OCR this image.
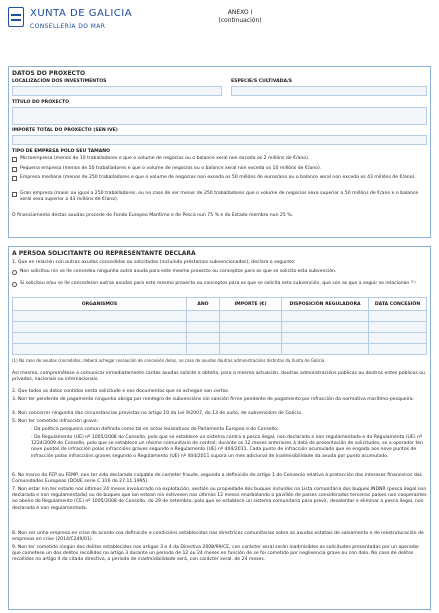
XUNTA DE GALICIA
CONSELLERÍA DO MAR
ANEXO I
(continuación)
DATOS DO PROXECTO
LOCALIZACIÓN DOS INVESTIMENTOS	ESPECIE/S CULTIVADA/S
TÍTULO DO PROXECTO
IMPORTE TOTAL DO PROXECTO (SEN IVE)
TIPO DE EMPRESA POLO SEU TAMAÑO
Microempresa (menos de 10 traballadores e que o volume de negocios ou o balance xeral non exceda os 2 millóns de €/ano).
Pequena empresa (menos de 50 traballadores e que o volume de negocios ou o balance xeral non exceda os 10 millóns de €/ano).
Empresa mediana (menos de 250 traballadores e que o volume de negocios non exceda os 50 millóns de euros/ano ou o balance xeral non exceda os 43 millóns de €/ano).
Gran empresa (maior ou igual a 250 traballadores, ou no caso de ser menor de 250 traballadores que o volume de negocios sexa superior a 50 millóns de €/ano e o balance xeral sexa superior a 43 millóns de €/ano).
O financiamento destas axudas procede do Fondo Europeo Marítimo e de Pesca nun 75 % e do Estado membro nun 25 %.
A PERSOA SOLICITANTE OU REPRESENTANTE DECLARA
1. Que en relación con outras axudas concedidas ou solicitadas (incluíndo préstamos subvencionados), declara o seguinte:
Non solicitou nin se lle concedeu ningunha outra axuda para este mesmo proxecto ou conceptos para os que se solicita esta subvención.
Si solicitou e/ou se lle concederon outras axudas para este mesmo proxecto ou conceptos para os que se solicita esta subvención, que son as que a seguir se relacionan ⁽¹⁾:
ORGANISMOS	ANO	IMPORTE (€)	DISPOSICIÓN REGULADORA	DATA CONCESIÓN

(1) No caso de axudas concedidas, deberá achegar resolución de concesión delas, no caso de axudas doutras administracións distintas da Xunta de Galicia.
Así mesmo, comprométese a comunicar inmediatamente cantas axudas solicite e obteña, para a mesma actuación, doutras administracións públicas ou doutros entes públicos ou privados, nacionais ou internacionais.
2. Que todos os datos contidos nesta solicitude e nos documentos que se achegan son certos.
3. Non ter pendente de pagamento ningunha obriga por reintegro de subvencións nin sanción firme pendente de pagamento por infracción da normativa marítimo-pesqueira.
4. Non concorrer ningunha das circunstancias previstas no artigo 10 da Lei 9/2007, do 13 de xuño, de subvencións de Galicia.
5. Non ter cometido infracción grave:
- Da política pesqueira común definida como tal en actos lexislativos do Parlamento Europeo e do Consello;
- Do Regulamento (UE) nº 1005/2008 do Consello, polo que se establece un sistema contra a pesca ilegal, non declarada e non regulamentada e do Regulamento (UE) nº 1224/2009 do Consello, polo que se establece un réxime comunitario de control; durante os 12 meses anteriores á data de presentación de solicitudes, se o operador ten nove puntos de infracción polas infraccións graves segundo o Regulamento (UE) nº 404/2011. Cada punto de infracción acumulado que se engada aos nove puntos de infracción polas infraccións graves segundo o Regulamento (UE) nº 404/2011 suporá un mes adicional de inadmisibilidade da axuda por punto acumulado.
6. No marco do FEP ou FEMP, non ter sido declarado culpable de cometer fraude, segundo a definición do artigo 1 do Convenio relativo á protección dos intereses financeiros das Comunidades Europeas (DOUE serie C 316 do 27.11.1995).
7. Non estar nin ter estado nos últimos 24 meses involucrado na explotación, xestión ou propiedade dos buques incluídos na Lista comunitaria dos buques INDNR (pesca ilegal non declarada e non regulamentada) ou de buques que ían estean nin estivesen nos últimos 12 meses enarbolando o pavillón de países considerados terceiros países non cooperantes ao abeiro do Regulamento (CE) nº 1005/2008 do Consello, do 29 de setembro, polo que se establece un sistema comunitario para previr, desalentar e eliminar a pesca ilegal, non declarada e non regulamentada.
8. Non ser unha empresa en crise de acordo coa definición e condicións establecidas nas directrices comunitarias sobre as axudas estatais de salvamento e de reestruturación de empresas en crise (2014/C249/01).
9. Non ter cometido ningún dos delitos establecidos nos artigos 3 e 4 da Directiva 2008/99/CE, con carácter xeral serán inadmisibles as solicitudes presentadas por un operador que cometese un dos delitos recollidos no artigo 3 durante un período de 12 ou 24 meses en función de se foi cometido por neglixencia grave ou con dolo. No caso de delitos recollidos no artigo 4 da citada directiva, o período de inadmisibilidade será, con carácter xeral, de 24 meses.
